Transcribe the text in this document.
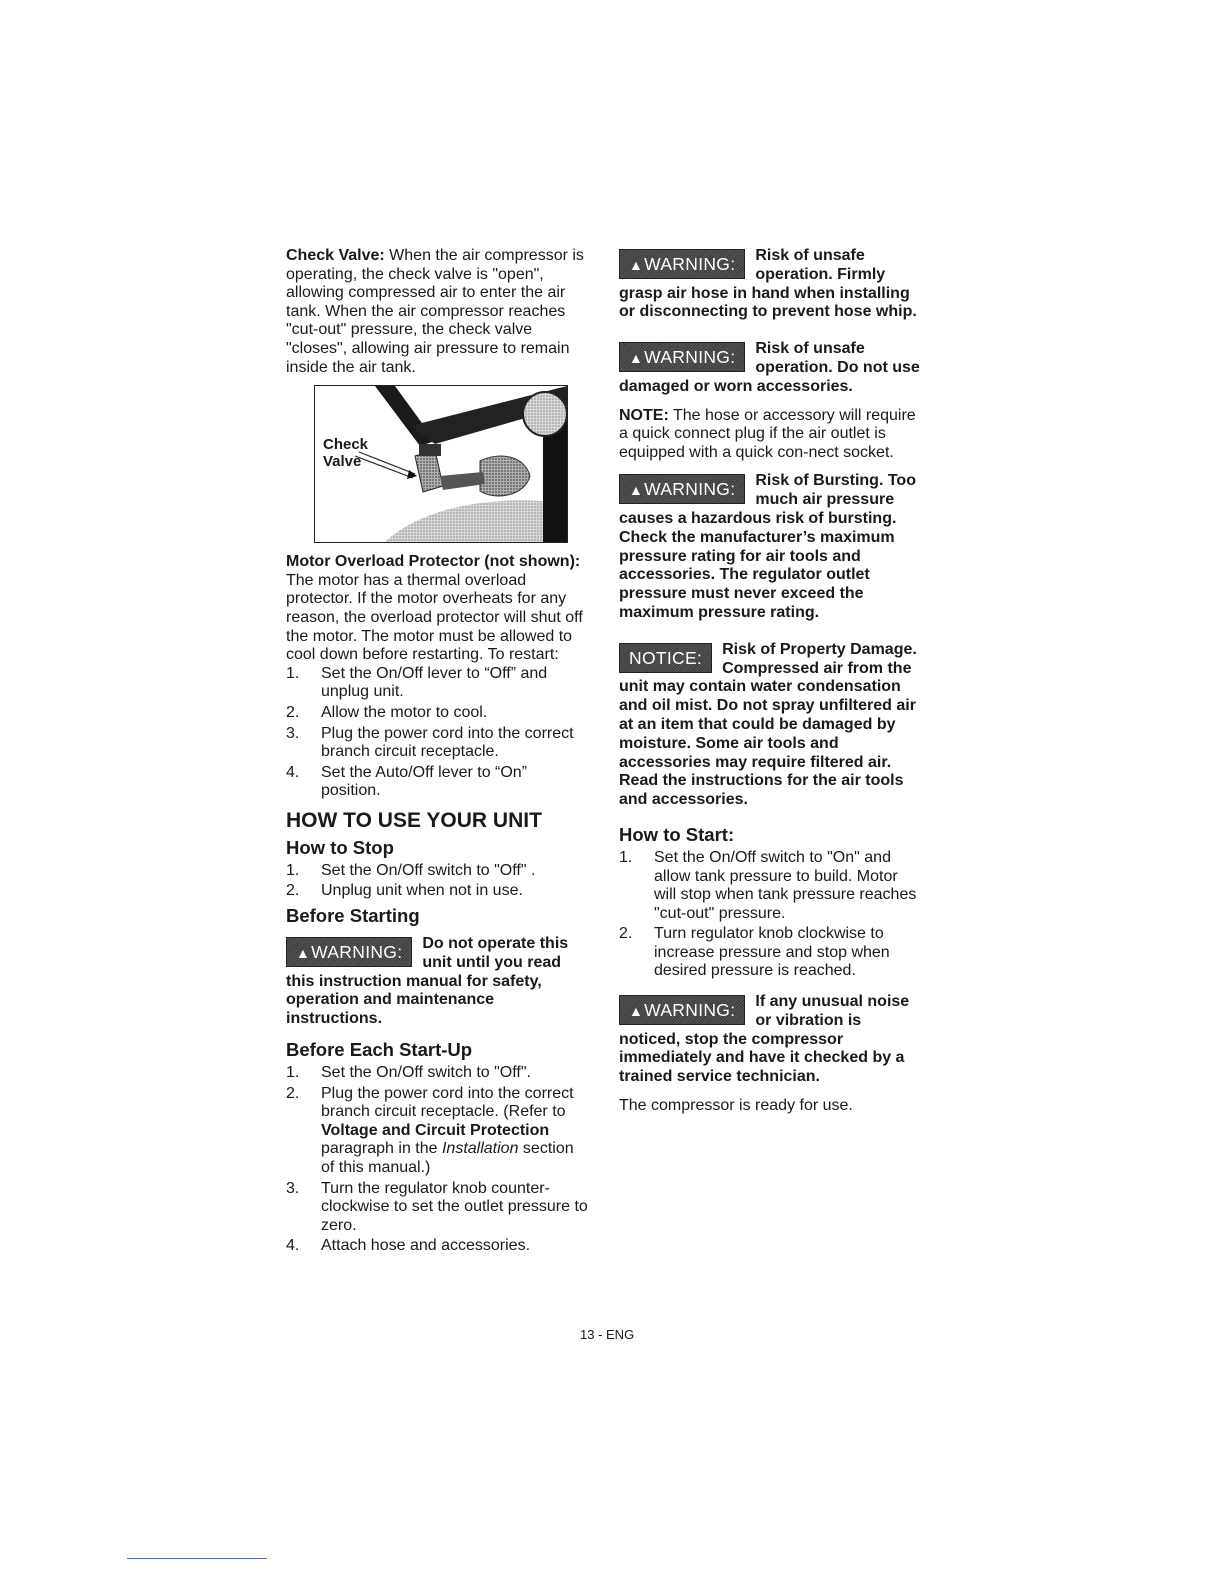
Check Valve: When the air compressor is operating, the check valve is "open", allowing compressed air to enter the air tank. When the air compressor reaches "cut-out" pressure, the check valve "closes", allowing air pressure to remain inside the air tank.

Check
Valve

Motor Overload Protector (not shown): The motor has a thermal overload protector. If the motor overheats for any reason, the overload protector will shut off the motor. The motor must be allowed to cool down before restarting. To restart:

1. Set the On/Off lever to “Off” and unplug unit.
2. Allow the motor to cool.
3. Plug the power cord into the correct branch circuit receptacle.
4. Set the Auto/Off lever to “On” position.
HOW TO USE YOUR UNIT
How to Stop
1. Set the On/Off switch to "Off" .
2. Unplug unit when not in use.
Before Starting
▲WARNING:	Do not operate this unit until you read this instruction manual for safety, operation and maintenance instructions.
Before Each Start-Up
1. Set the On/Off switch to "Off".
2. Plug the power cord into the correct branch circuit receptacle. (Refer to Voltage and Circuit Protection paragraph in the Installation section of this manual.)
3. Turn the regulator knob counter-clockwise to set the outlet pressure to zero.
4. Attach hose and accessories.
▲WARNING:	Risk of unsafe operation. Firmly grasp air hose in hand when installing or disconnecting to prevent hose whip.
▲WARNING:	Risk of unsafe operation. Do not use damaged or worn accessories.

NOTE: The hose or accessory will require a quick connect plug if the air outlet is equipped with a quick con-nect socket.

▲WARNING:	Risk of Bursting. Too much air pressure causes a hazardous risk of bursting. Check the manufacturer’s maximum pressure rating for air tools and accessories. The regulator outlet pressure must never exceed the maximum pressure rating.
NOTICE:	Risk of Property Damage. Compressed air from the unit may contain water condensation and oil mist. Do not spray unfiltered air at an item that could be damaged by moisture. Some air tools and accessories may require filtered air. Read the instructions for the air tools and accessories.
How to Start:
1. Set the On/Off switch to "On" and allow tank pressure to build. Motor will stop when tank pressure reaches "cut-out" pressure.
2. Turn regulator knob clockwise to increase pressure and stop when desired pressure is reached.
▲WARNING:	If any unusual noise or vibration is noticed, stop the compressor immediately and have it checked by a trained service technician.

The compressor is ready for use.

13 - ENG
